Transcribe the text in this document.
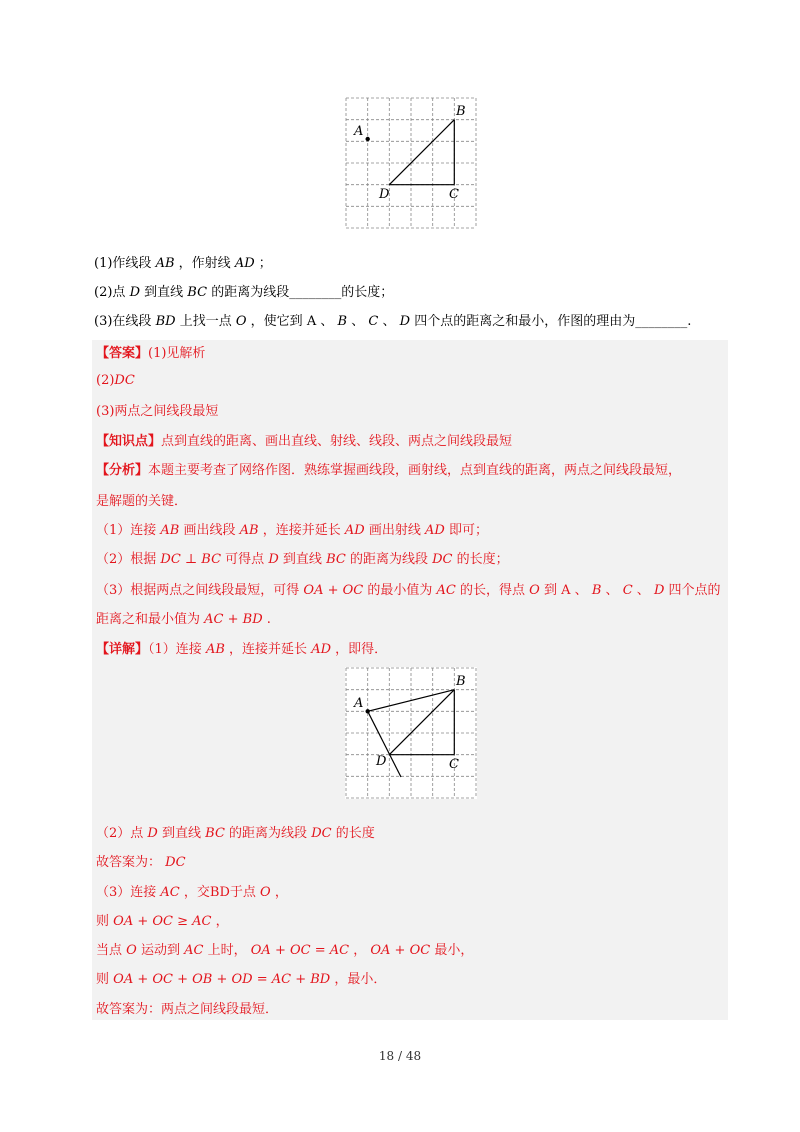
A
B
C
D
(1)作线段 AB ，作射线 AD ；
(2)点 D 到直线 BC 的距离为线段________的长度；
(3)在线段 BD 上找一点 O ，使它到 A 、 B 、 C 、 D 四个点的距离之和最小，作图的理由为________.
【答案】(1)见解析
(2)DC
(3)两点之间线段最短
【知识点】点到直线的距离、画出直线、射线、线段、两点之间线段最短
【分析】本题主要考查了网络作图．熟练掌握画线段，画射线，点到直线的距离，两点之间线段最短，
是解题的关键．
（1）连接 AB 画出线段 AB ，连接并延长 AD 画出射线 AD 即可；
（2）根据 DC ⊥ BC 可得点 D 到直线 BC 的距离为线段 DC 的长度；
（3）根据两点之间线段最短，可得 OA + OC 的最小值为 AC 的长，得点 O 到 A 、 B 、 C 、 D 四个点的
距离之和最小值为 AC + BD .
【详解】（1）连接 AB ，连接并延长 AD ，即得．
A
B
C
D
（2）点 D 到直线 BC 的距离为线段 DC 的长度
故答案为： DC
（3）连接 AC ，交BD于点 O ，
则 OA + OC ≥ AC ，
当点 O 运动到 AC 上时， OA + OC = AC ， OA + OC 最小，
则 OA + OC + OB + OD = AC + BD ，最小．
故答案为：两点之间线段最短．
18 / 48
